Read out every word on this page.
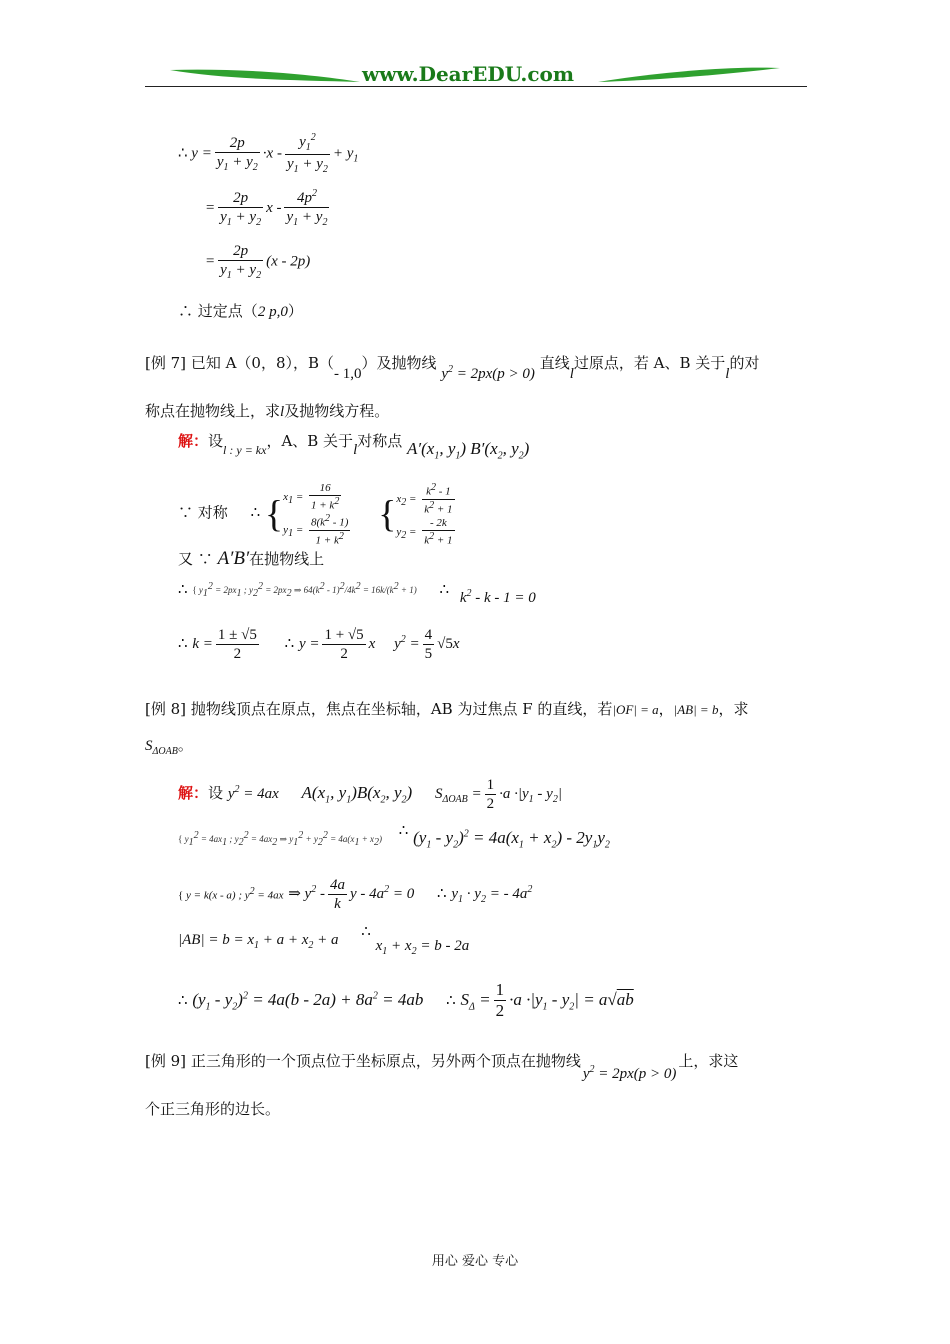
www.DearEDU.com
∴ $y = \frac{2p}{y_1 + y_2} \cdot x - \frac{y_1^2}{y_1 + y_2} + y_1$
= $\frac{2p}{y_1 + y_2}$ x - $\frac{4p^2}{y_1 + y_2}$
= $\frac{2p}{y_1 + y_2} (x - 2p)$
∴ 过定点（2 p,0）
[例 7] 已知 A（0，8），B（- 1,0）及抛物线 $y^2 = 2px(p > 0)$ 直线l过原点，若 A、B 关于l的对
称点在抛物线上，求l及抛物线方程。
解：设$_{l : y = kx}$，A、B 关于l对称点 $A'(x_1$, $y_1$) $B'(x_2$, $y_2$)
∵ 对称 ∴ { $x_1 = \frac{16}{1 + k^2}$
$y_1 = \frac{8(k^2 - 1)}{1 + k^2}$ { $x_2 = \frac{k^2 - 1}{k^2 + 1}$
$y_2 = \frac{- 2k}{k^2 + 1}$
又 ∵ A′B′在抛物线上
∴ { $y_1^2 = 2px_1$ ; $y_2^2 = 2px_2$ ⇒ $64(k^2 - 1)^2/4k^2 = 16k/(k^2 + 1)$ ∴ $k^2 - k - 1 = 0$
∴ $k = \frac{1 \pm √5}{2}$ ∴ $y = \frac{1 + √5}{2}$ x $y^2 = \frac{4}{5} √5x$
[例 8] 抛物线顶点在原点，焦点在坐标轴，AB 为过焦点 F 的直线，若|OF| = a，|AB| = b，求
$S_{\Delta OAB}$。
解：设 $y^2 = 4ax$ $A(x_1$, $y_1)B(x_2$, $y_2$) $S_{\Delta OAB} = \frac{1}{2} \cdot a \cdot|y_1 - y_2|$
{ $y_1^2 = 4ax_1$ ; $y_2^2 = 4ax_2$ ⇒ $y_1^2 + y_2^2 = 4a(x_1 + x_2)$ ∴ $(y_1 - y_2)^2 = 4a(x_1 + x_2) - 2y_1y_2$
{ y = k(x - a) ; $y^2 = 4ax$ ⇒ $y^2 - \frac{4a}{k}$ $y - 4a^2 = 0$ ∴ $y_1 \cdot y_2$ = - $4a^2$
$|AB| = b = x_1 + a + x_2 + a$ ∴ $x_1 + x_2 = b - 2a$
∴ $(y_1 - y_2)^2 = 4a(b - 2a) + 8a^2 = 4ab$ ∴ $S_\Delta = \frac{1}{2} \cdot a \cdot|y_1 - y_2| = a√ab$
[例 9] 正三角形的一个顶点位于坐标原点，另外两个顶点在抛物线$y^2 = 2px(p > 0)$上，求这
个正三角形的边长。
用心 爱心 专心
